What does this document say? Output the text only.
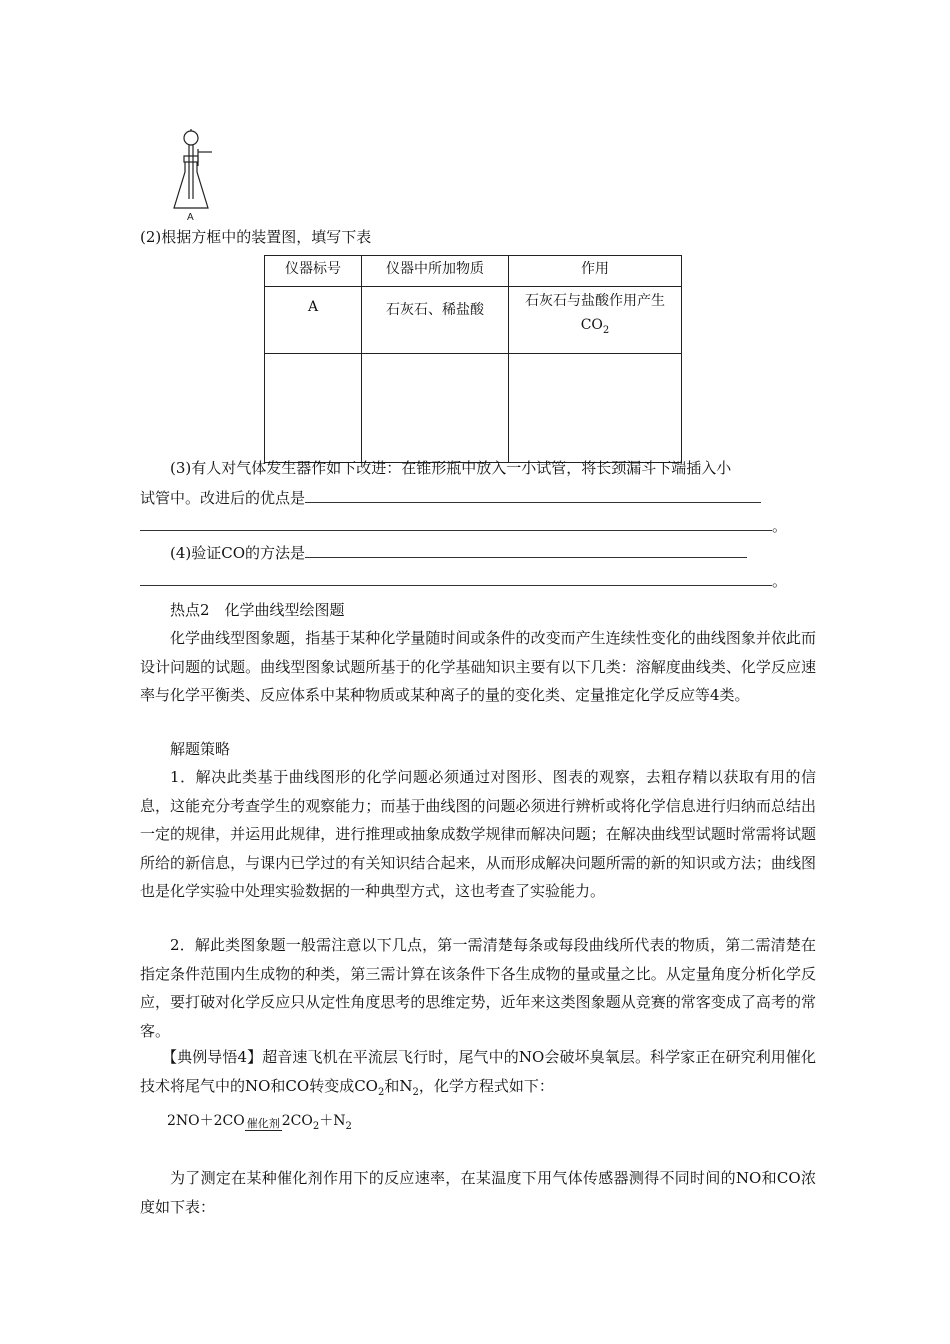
A
(2)根据方框中的装置图，填写下表
仪器标号	仪器中所加物质	作用
A	石灰石、稀盐酸	石灰石与盐酸作用产生$CO_2$

(3)有人对气体发生器作如下改进：在锥形瓶中放入一小试管，将长颈漏斗下端插入小
试管中。改进后的优点是
。
(4)验证CO的方法是
。
热点2　化学曲线型绘图题
化学曲线型图象题，指基于某种化学量随时间或条件的改变而产生连续性变化的曲线图象并依此而设计问题的试题。曲线型图象试题所基于的化学基础知识主要有以下几类：溶解度曲线类、化学反应速率与化学平衡类、反应体系中某种物质或某种离子的量的变化类、定量推定化学反应等4类。
解题策略
1．解决此类基于曲线图形的化学问题必须通过对图形、图表的观察，去粗存精以获取有用的信息，这能充分考查学生的观察能力；而基于曲线图的问题必须进行辨析或将化学信息进行归纳而总结出一定的规律，并运用此规律，进行推理或抽象成数学规律而解决问题；在解决曲线型试题时常需将试题所给的新信息，与课内已学过的有关知识结合起来，从而形成解决问题所需的新的知识或方法；曲线图也是化学实验中处理实验数据的一种典型方式，这也考查了实验能力。
2．解此类图象题一般需注意以下几点，第一需清楚每条或每段曲线所代表的物质，第二需清楚在指定条件范围内生成物的种类，第三需计算在该条件下各生成物的量或量之比。从定量角度分析化学反应，要打破对化学反应只从定性角度思考的思维定势，近年来这类图象题从竞赛的常客变成了高考的常客。
【典例导悟4】超音速飞机在平流层飞行时，尾气中的NO会破坏臭氧层。科学家正在研究利用催化技术将尾气中的NO和CO转变成$CO_2$和$N_2$，化学方程式如下：
2NO＋2CO 催化剂 $2CO_2+N_2$
为了测定在某种催化剂作用下的反应速率，在某温度下用气体传感器测得不同时间的NO和CO浓度如下表：
